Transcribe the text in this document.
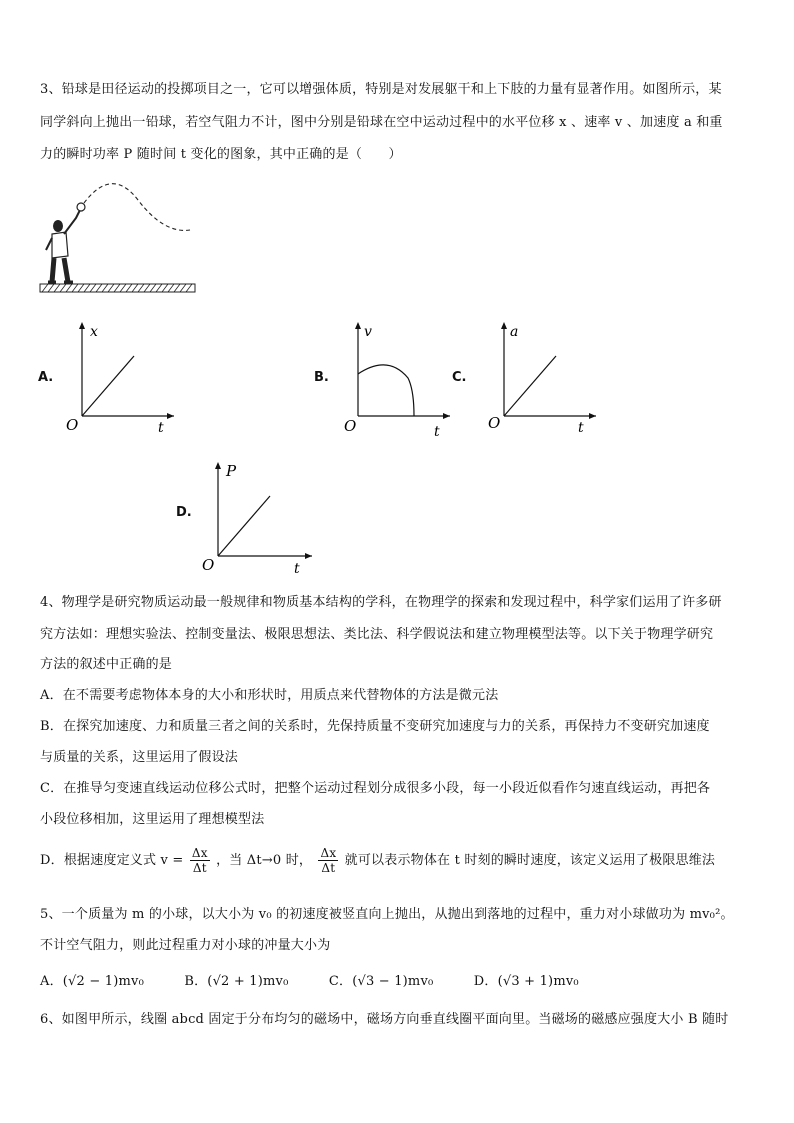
3、铅球是田径运动的投掷项目之一，它可以增强体质，特别是对发展躯干和上下肢的力量有显著作用。如图所示，某
同学斜向上抛出一铅球，若空气阻力不计，图中分别是铅球在空中运动过程中的水平位移 x 、速率 v 、加速度 a 和重
力的瞬时功率 P 随时间 t 变化的图象，其中正确的是（　　）
A.
x
t
O
B.
v
t
O
C.
a
t
O
D.
P
t
O
4、物理学是研究物质运动最一般规律和物质基本结构的学科，在物理学的探索和发现过程中，科学家们运用了许多研
究方法如：理想实验法、控制变量法、极限思想法、类比法、科学假说法和建立物理模型法等。以下关于物理学研究
方法的叙述中正确的是
A．在不需要考虑物体本身的大小和形状时，用质点来代替物体的方法是微元法
B．在探究加速度、力和质量三者之间的关系时，先保持质量不变研究加速度与力的关系，再保持力不变研究加速度
与质量的关系，这里运用了假设法
C．在推导匀变速直线运动位移公式时，把整个运动过程划分成很多小段，每一小段近似看作匀速直线运动，再把各
小段位移相加，这里运用了理想模型法
D．根据速度定义式 $v = \frac{\Delta x}{\Delta t}$ ，当 Δt→0 时， $\frac{\Delta x}{\Delta t}$ 就可以表示物体在 t 时刻的瞬时速度，该定义运用了极限思维法
5、一个质量为 m 的小球，以大小为 v₀ 的初速度被竖直向上抛出，从抛出到落地的过程中，重力对小球做功为 mv₀²。
不计空气阻力，则此过程重力对小球的冲量大小为
A．(√2 − 1)mv₀	B．(√2 + 1)mv₀	C．(√3 − 1)mv₀	D．(√3 + 1)mv₀
6、如图甲所示，线圈 abcd 固定于分布均匀的磁场中，磁场方向垂直线圈平面向里。当磁场的磁感应强度大小 B 随时
